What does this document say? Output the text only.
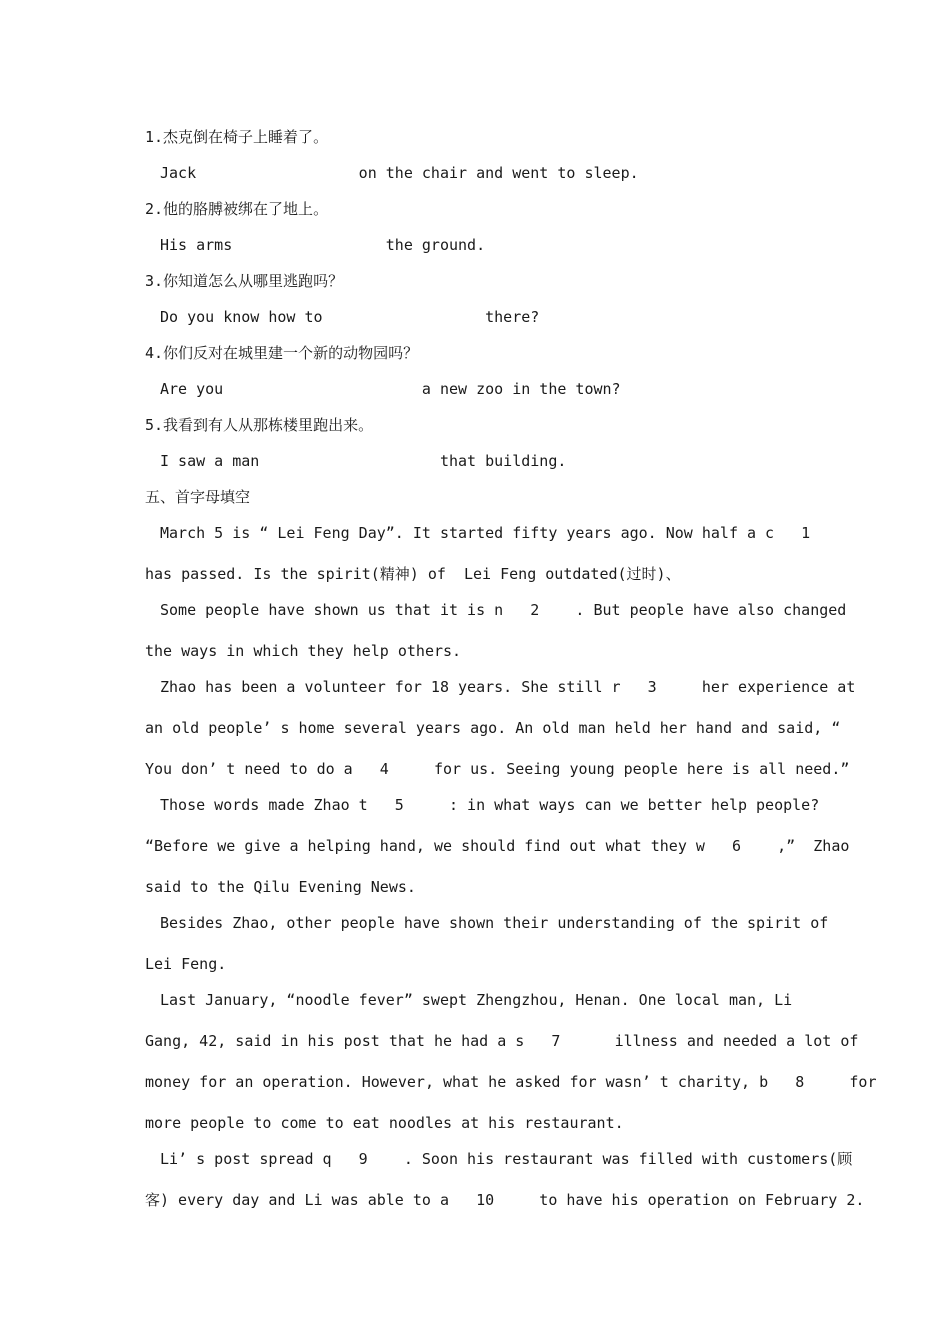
1.杰克倒在椅子上睡着了。
Jack                  on the chair and went to sleep.
2.他的胳膊被绑在了地上。
His arms                 the ground.
3.你知道怎么从哪里逃跑吗？
Do you know how to                  there?
4.你们反对在城里建一个新的动物园吗？
Are you                      a new zoo in the town?
5.我看到有人从那栋楼里跑出来。
I saw a man                    that building.
五、首字母填空
March 5 is “ Lei Feng Day”. It started fifty years ago. Now half a c   1
has passed. Is the spirit(精神) of  Lei Feng outdated(过时)、
Some people have shown us that it is n   2    . But people have also changed
the ways in which they help others.
Zhao has been a volunteer for 18 years. She still r   3     her experience at
an old people’ s home several years ago. An old man held her hand and said, “
You don’ t need to do a   4     for us. Seeing young people here is all need.”
Those words made Zhao t   5     : in what ways can we better help people?
“Before we give a helping hand, we should find out what they w   6    ,”  Zhao
said to the Qilu Evening News.
Besides Zhao, other people have shown their understanding of the spirit of
Lei Feng.
Last January, “noodle fever” swept Zhengzhou, Henan. One local man, Li
Gang, 42, said in his post that he had a s   7      illness and needed a lot of
money for an operation. However, what he asked for wasn’ t charity, b   8     for
more people to come to eat noodles at his restaurant.
Li’ s post spread q   9    . Soon his restaurant was filled with customers(顾
客) every day and Li was able to a   10     to have his operation on February 2.
